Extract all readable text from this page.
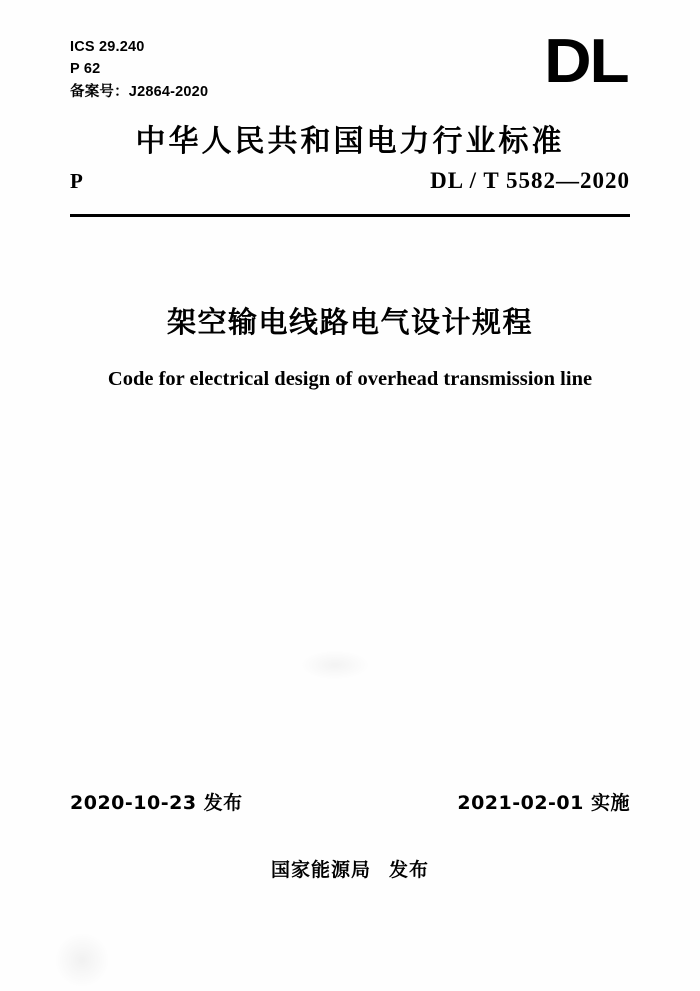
ICS 29.240
P 62
备案号：J2864-2020	DL
中华人民共和国电力行业标准
P	DL / T 5582—2020
架空输电线路电气设计规程
Code for electrical design of overhead transmission line
2020-10-23 发布	2021-02-01 实施
国家能源局 发布
